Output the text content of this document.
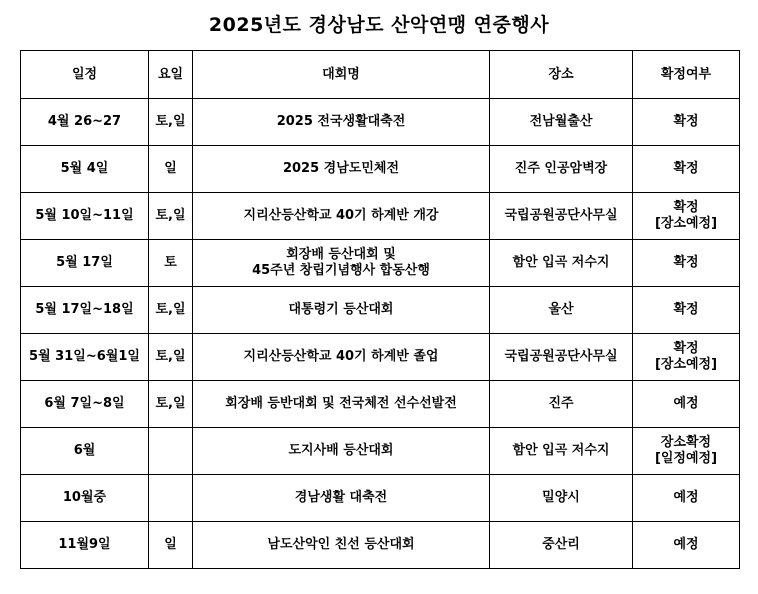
2025년도 경상남도 산악연맹 연중행사
일정	요일	대회명	장소	확정여부
4월 26~27	토,일	2025 전국생활대축전	전남월출산	확정

5월 4일	일	2025 경남도민체전	진주 인공암벽장	확정

5월 10일~11일	토,일	지리산등산학교 40기 하계반 개강	국립공원공단사무실	확정
[장소예정]

5월 17일	토	회장배 등산대회 및
45주년 창립기념행사 합동산행	함안 입곡 저수지	확정

5월 17일~18일	토,일	대통령기 등산대회	울산	확정

5월 31일~6월1일	토,일	지리산등산학교 40기 하계반 졸업	국립공원공단사무실	확정
[장소예정]

6월 7일~8일	토,일	회장배 등반대회 및 전국체전 선수선발전	진주	예정

6월		도지사배 등산대회	함안 입곡 저수지	장소확정
[일정예정]

10월중		경남생활 대축전	밀양시	예정

11월9일	일	남도산악인 친선 등산대회	중산리	예정
